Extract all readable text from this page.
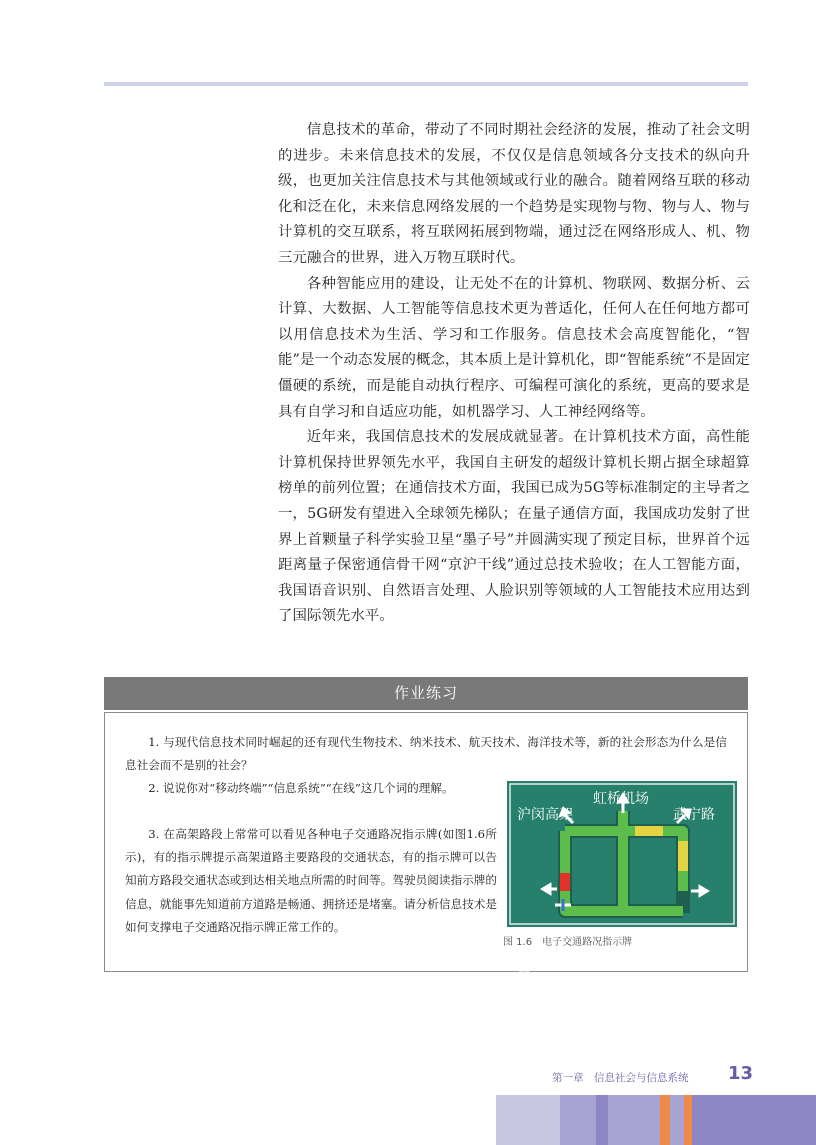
信息技术的革命，带动了不同时期社会经济的发展，推动了社会文明的进步。未来信息技术的发展，不仅仅是信息领域各分支技术的纵向升级，也更加关注信息技术与其他领域或行业的融合。随着网络互联的移动化和泛在化，未来信息网络发展的一个趋势是实现物与物、物与人、物与计算机的交互联系，将互联网拓展到物端，通过泛在网络形成人、机、物三元融合的世界，进入万物互联时代。

各种智能应用的建设，让无处不在的计算机、物联网、数据分析、云计算、大数据、人工智能等信息技术更为普适化，任何人在任何地方都可以用信息技术为生活、学习和工作服务。信息技术会高度智能化，“智能”是一个动态发展的概念，其本质上是计算机化，即“智能系统”不是固定僵硬的系统，而是能自动执行程序、可编程可演化的系统，更高的要求是具有自学习和自适应功能，如机器学习、人工神经网络等。

近年来，我国信息技术的发展成就显著。在计算机技术方面，高性能计算机保持世界领先水平，我国自主研发的超级计算机长期占据全球超算榜单的前列位置；在通信技术方面，我国已成为5G等标准制定的主导者之一，5G研发有望进入全球领先梯队；在量子通信方面，我国成功发射了世界上首颗量子科学实验卫星“墨子号”并圆满实现了预定目标，世界首个远距离量子保密通信骨干网“京沪干线”通过总技术验收；在人工智能方面，我国语音识别、自然语言处理、人脸识别等领域的人工智能技术应用达到了国际领先水平。

作业练习
1. 与现代信息技术同时崛起的还有现代生物技术、纳米技术、航天技术、海洋技术等，新的社会形态为什么是信息社会而不是别的社会？
2. 说说你对“移动终端”“信息系统”“在线”这几个词的理解。
3. 在高架路段上常常可以看见各种电子交通路况指示牌(如图1.6所示)，有的指示牌提示高架道路主要路段的交通状态，有的指示牌可以告知前方路段交通状态或到达相关地点所需的时间等。驾驶员阅读指示牌的信息，就能事先知道前方道路是畅通、拥挤还是堵塞。请分析信息技术是如何支撑电子交通路况指示牌正常工作的。
虹桥机场
沪闵高架	武宁路
卢浦大桥
延长路
图 1.6　电子交通路况指示牌
第一章　信息社会与信息系统 13
